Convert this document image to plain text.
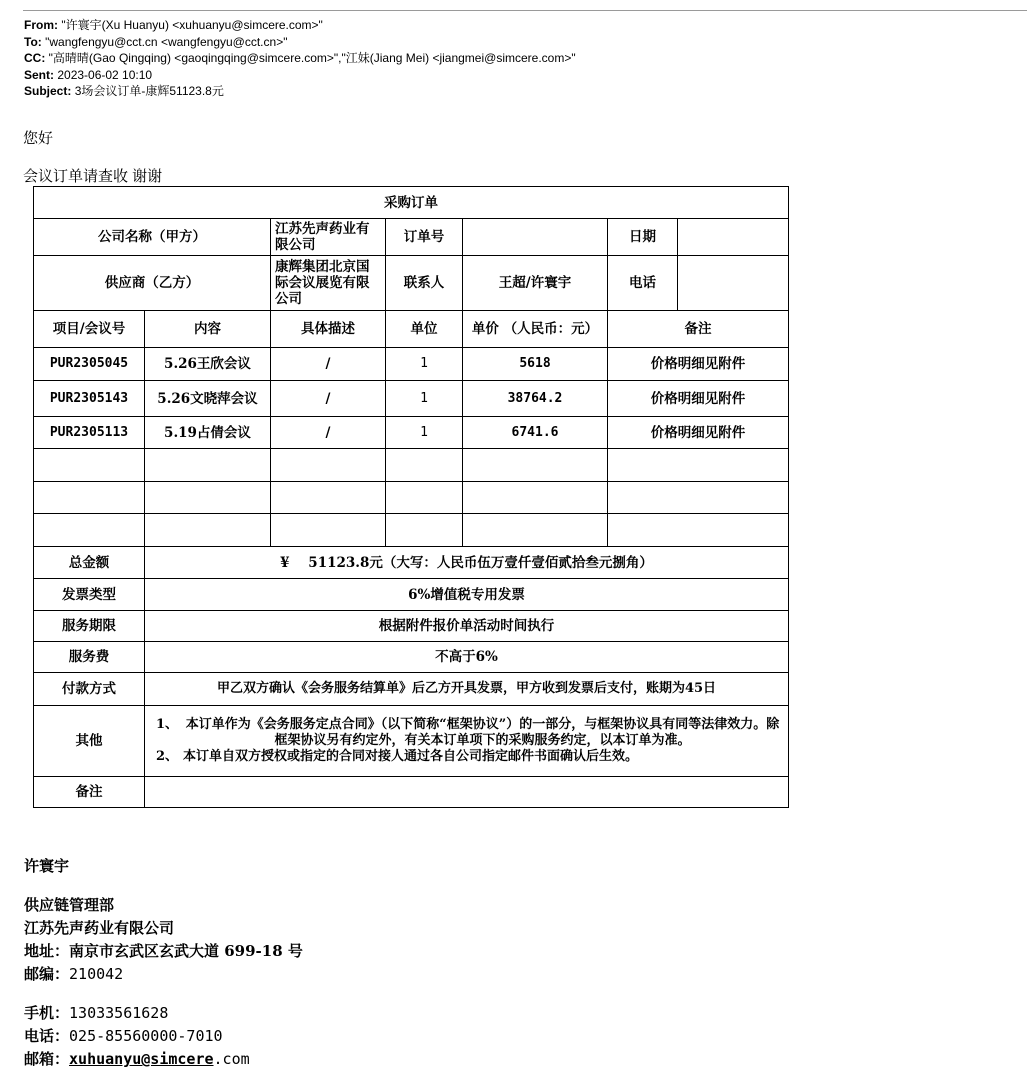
From: "许寰宇(Xu Huanyu) <xuhuanyu@simcere.com>"
To: "wangfengyu@cct.cn <wangfengyu@cct.cn>"
CC: "高晴晴(Gao Qingqing) <gaoqingqing@simcere.com>","江妹(Jiang Mei) <jiangmei@simcere.com>"
Sent: 2023-06-02 10:10
Subject: 3场会议订单-康辉51123.8元
您好
会议订单请查收 谢谢
采购订单						
公司名称（甲方）		江苏先声药业有限公司	订单号		日期	
供应商（乙方）		康辉集团北京国际会议展览有限公司	联系人	王超/许寰宇	电话	
项目/会议号	内容	具体描述	单位	单价 （人民币：元）	备注	
PUR2305045	5.26王欣会议	/	1	5618	价格明细见附件	
PUR2305143	5.26文晓萍会议	/	1	38764.2	价格明细见附件	
PUR2305113	5.19占倩会议	/	1	6741.6	价格明细见附件	

总金额	¥    51123.8元（大写：人民币伍万壹仟壹佰贰拾叁元捌角）					
发票类型	6%增值税专用发票					
服务期限	根据附件报价单活动时间执行					
服务费	不高于6%					
付款方式	甲乙双方确认《会务服务结算单》后乙方开具发票，甲方收到发票后支付，账期为45日					
其他	1、 本订单作为《会务服务定点合同》（以下简称“框架协议”）的一部分，与框架协议具有同等法律效力。除框架协议另有约定外，有关本订单项下的采购服务约定，以本订单为准。
2、 本订单自双方授权或指定的合同对接人通过各自公司指定邮件书面确认后生效。					

备注						
许寰宇
供应链管理部
江苏先声药业有限公司
地址：南京市玄武区玄武大道 699-18 号
邮编：210042
手机：13033561628
电话：025-85560000-7010
邮箱：xuhuanyu@simcere.com
